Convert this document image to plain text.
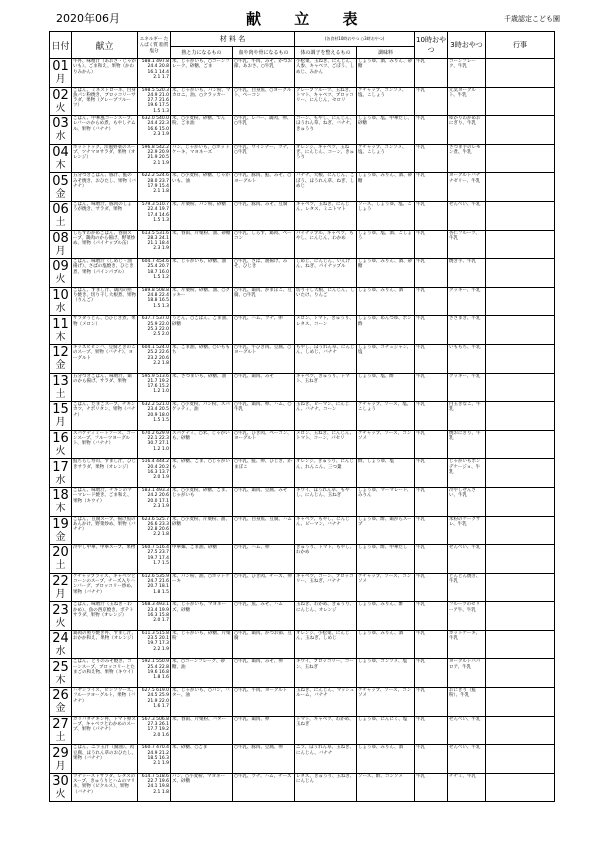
2020年06月	献 立 表	千歳認定こども園
日付	献立	エネルギー たんぱく質 脂質 塩分	材 料 名		(各食材10時おやつ ○3時おやつ)		10時おやつ	3時おやつ	行事
			熱と力になるもの	血や肉や骨になるもの	体の調子を整えるもの	調味料			

01
月	牛丼、味噌汁（あおさ・じゃがいも）、ごま和え、果物（かわりみかん）	588.1 497.8 24.4 20.8 16.1 14.4 2.1 1.7	米、じゃがいも、○コーンフレーク、砂糖、ごま	○牛乳、牛肉、みそ、かつお節、あおさ、○牛乳	小松菜、玉ねぎ、にんじん、人参、キャベツ、ごぼう、しめじ、みかん	しょうゆ、酒、みりん、砂糖	牛乳	コーンフレーク、牛乳	

02
火	ごはん、ミネストローネ、白身魚パン粉焼き、ブロッコリーサラダ、果物（グレープフルーツ）	598.5 520.3 24.9 21.0 27.7 21.6 19.6 17.5 1.5 1.3	米、じゃがいも、パン粉、マカロニ、油、○クラッカー	○牛乳、白身魚、○ヨーグルト、ベーコン	グレープフルーツ、玉ねぎ、トマト、キャベツ、ブロッコリー、にんじん、セロリ	ケチャップ、コンソメ、塩、こしょう	牛乳	元気ヨーグルト、牛乳	

03
水	ごはん、中華風コーンスープ、レバーのからめ煮、もやしナムル、果物（バナナ）	632.0 540.0 24.4 22.3 16.6 15.0 2.3 1.9	米、○小麦粉、砂糖、でん粉、ごま油	○牛乳、レバー、鶏肉、卵、○牛乳	コーン、もやし、にんじん、ほうれん草、ねぎ、バナナ、きゅうり	しょうゆ、塩、中華だし、砂糖	牛乳	ゆかりわかめおにぎり、牛乳	

04
木	ホットドッグ、洋風野菜のスープ、ツナマヨサラダ、果物（オレンジ）	596.8 542.2 22.9 20.9 21.9 20.5 2.1 1.9	パン、じゃがいも、○ホットケーキ、マヨネーズ	○牛乳、ウインナー、ツナ、○牛乳	オレンジ、キャベツ、玉ねぎ、にんじん、コーン、きゅうり	ケチャップ、コンソメ、塩、こしょう	牛乳	さつま芋のレモン煮、牛乳	

05
金	五分つきごはん、豚汁、鮭のみそ焼き、おひたし、果物（バナナ）	622.2 524.6 28.0 23.7 17.9 15.4 2.1 1.8	米、○小麦粉、砂糖、じゃがいも、油	○牛乳、豚肉、鮭、みそ、○ヨーグルト	バナナ、大根、にんじん、ごぼう、ほうれん草、ねぎ、しめじ	しょうゆ、みりん、酒、砂糖	牛乳	ヨーグルトバナナゼリー、牛乳	

06
土	ごはん、味噌汁、豚肉のしょうが焼き、サラダ、果物	579.3 510.7 22.4 19.7 17.4 14.6 1.5 1.3	米、片栗粉、パン粉、砂糖	○牛乳、豚肉、みそ、豆腐	キャベツ、玉ねぎ、にんじん、レタス、ミニトマト	ソース、しょうゆ、塩、こしょう	牛乳	せんべい、牛乳	

08
月	しらすわかめごはん、春雨スープ、鶏肉のから揚げ、野菜炒め、果物（パイナップル缶）	613.5 531.6 28.3 24.1 21.1 18.4 2.3 1.9	米、春雨、片栗粉、油、砂糖	○牛乳、しらす、鶏肉、ベーコン	パイナップル、キャベツ、もやし、にんじん、わかめ	しょうゆ、塩、酒、こしょう	牛乳	杏仁フルーツ、牛乳	

09
火	ごはん、味噌汁（しめじ・油揚げ）、さばの塩焼き、ひじき煮、果物（パインパブル）	604.7 454.6 25.4 20.7 18.7 16.0 1.5 1.2	米、じゃがいも、砂糖、油	○牛乳、さば、油揚げ、みそ、ひじき	しめじ、にんじん、いんげん、ねぎ、パイナップル	しょうゆ、みりん、酒、砂糖	牛乳	焼き芋、牛乳	

10
水	ごはん、すまし汁、鶏肉の照り焼き、切り干し大根煮、果物（りんご）	589.8 508.8 24.8 22.4 18.8 16.5 1.5 1.3	米、片栗粉、砂糖、油、○クッキー	○牛乳、鶏肉、かまぼこ、豆腐、○牛乳	切り干し大根、にんじん、しいたけ、りんご	しょうゆ、みりん、酒	牛乳	クッキー、牛乳	

11
木	サラダうどん、○ひじき煮、果物（メロン）	637.7 537.0 25.9 22.0 25.3 22.0 2.5 2.0	うどん、○ごはん、ごま油、砂糖	○牛乳、ハム、ツナ、卵	メロン、トマト、きゅうり、レタス、コーン	しょうゆ、めんつゆ、ポン酢	牛乳	ささまき、牛乳	

12
金	キッズビビンバ、豆腐ときのこのスープ、果物（バナナ）、ヨーグルト	604.1 524.0 25.2 22.6 23.2 20.6 2.2 1.8	米、ごま油、砂糖、○いももち	○牛乳、牛ひき肉、豆腐、○ヨーグルト	もやし、ほうれん草、にんじん、しめじ、バナナ	しょうゆ、コチュジャン、塩	牛乳	いももち、牛乳	

13
土	五分つきごはん、味噌汁、鶏のから揚げ、サラダ、果物	595.9 513.6 21.7 19.2 17.6 15.2 1.2 1.0	米、さつまいも、砂糖、油	○牛乳、鶏肉、みそ	キャベツ、きゅうり、トマト、玉ねぎ	しょうゆ、塩、酢	牛乳	クッキー、牛乳	

15
月	ごはん、たまごスープ、チキンカツ、ナポリタン、果物（バナナ）	632.2 521.0 23.4 20.5 20.9 18.0 1.5 1.5	米、○小麦粉、パン粉、スパゲッティ、油	○牛乳、鶏肉、卵、ハム、○牛乳	玉ねぎ、ピーマン、にんじん、バナナ、コーン	ケチャップ、ソース、塩、こしょう	牛乳	白玉きなこ、牛乳	

16
火	スパゲティミートソース、コーンスープ、フルーツヨーグルト、果物（バナナ）	670.2 629.9 22.1 22.3 30.7 27.1 1.2 1.0	スパゲティ、○米、じゃがいも、砂糖	○牛乳、ひき肉、ベーコン、ヨーグルト	メロン、玉ねぎ、にんじん、トマト、コーン、パセリ	ケチャップ、ソース、コンソメ	牛乳	焼おにぎり、牛乳	

17
水	鮭ちらし寿司、すまし汁、ひじきサラダ、果物（オレンジ）	516.4 444.2 20.4 20.2 16.3 13.7 2.0 1.9	米、砂糖、ごま、○じゃがいも	○牛乳、鮭、卵、ひじき、かまぼこ	オレンジ、きゅうり、にんじん、れんこん、三つ葉	酢、しょうゆ、塩	牛乳	じゃがいもポンデケージョ、牛乳	

18
木	ごはん、味噌汁、チキンのマーマレード焼き、ごま和え、果物（キウイ）	583.1 493.3 24.2 20.6 20.0 17.1 2.3 1.9	米、○小麦粉、砂糖、ごま、じゃがいも	○牛乳、鶏肉、豆腐、みそ	キウイ、ほうれん草、もやし、にんじん、玉ねぎ	しょうゆ、マーマレード、みりん	牛乳	冷やしぜんざい、牛乳	

19
金	ごはん、豆腐スープ、揚げ魚のあんかけ、野菜炒め、果物（バナナ）	623.6 525.7 26.6 23.3 22.8 20.6 2.2 1.8	米、○小麦粉、片栗粉、油、砂糖	○牛乳、白身魚、豆腐、ハム	キャベツ、もやし、にんじん、ピーマン、バナナ	しょうゆ、酢、鶏がらスープ	牛乳	米粉のケークサレ、牛乳	

20
土	冷やし中華、中華スープ、果物	560.7 516.4 27.5 23.7 19.7 17.4 1.7 1.5	中華麺、ごま油、砂糖	○牛乳、ハム、卵	きゅうり、トマト、もやし、わかめ	しょうゆ、酢、中華だし	牛乳	せんべい、牛乳	

22
月	ケチャップライス、キャベツとコーンのスープ、チーズ入りハンバーグ、ブロッコリー炒め、果物（バナナ）	612.6 535.9 24.7 21.6 20.7 18.1 1.8 1.5	米、パン粉、油、○ホットケーキ	○牛乳、ひき肉、チーズ、卵	キャベツ、コーン、ブロッコリー、玉ねぎ、バナナ	ケチャップ、ソース、コンソメ	牛乳	どんどん焼き、牛乳	

23
火	ごはん、味噌汁（玉ねぎ・わかめ）、魚の西京焼き、ポテトサラダ、果物（オレンジ）	568.3 493.1 23.4 19.9 16.3 15.8 2.0 1.7	米、じゃがいも、マヨネーズ、砂糖	○牛乳、魚、みそ、ハム	玉ねぎ、わかめ、きゅうり、にんじん、オレンジ	しょうゆ、みりん、酢	牛乳	フルーツのゼリーア牛、牛乳	

24
水	鶏肉の照り焼き丼、すまし汁、おかか和え、果物（オレンジ）	611.3 515.8 23.5 20.1 19.7 17.3 2.2 1.9	米、じゃがいも、砂糖、片栗粉	○牛乳、鶏肉、かつお節、豆腐	オレンジ、小松菜、にんじん、玉ねぎ、しめじ	しょうゆ、みりん、酒	牛乳	ホットケーキ、牛乳	

25
木	ごはん、とりのみそ焼き、コーンスープ、ブロッコリーとたまごの和え物、果物（キウイ）	592.1 550.9 25.4 22.8 19.6 16.8 1.8 1.6	米、○コーンフレーク、砂糖、油	○牛乳、鶏肉、みそ、卵	キウイ、ブロッコリー、コーン、玉ねぎ	しょうゆ、コンソメ、塩	牛乳	ヨーグルトパパロア、牛乳	

26
金	ハヤシライス、ビシソワーズ、フルーツヨーグルト、果物（バナナ）	627.5 619.0 24.5 25.9 21.9 22.0 1.6 1.7	米、じゃがいも、○パン、バター、油	○牛乳、牛肉、ヨーグルト	玉ねぎ、にんじん、マッシュルーム、バナナ	ケチャップ、ソース、コンソメ	牛乳	おにぎり（鮭粉）、牛乳	

27
土	ガリバタチキン丼、トマト卵スープ、キャベツとわかめのスープ、果物（パナナ）	567.3 506.8 27.3 26.1 17.7 19.2 2.0 1.6	米、春雨、片栗粉、バター	○牛乳、鶏肉、卵	トマト、キャベツ、わかめ、玉ねぎ	しょうゆ、にんにく、塩	牛乳	せんべい、牛乳	

29
月	ごはん、ニラ玉汁（醤油）、肉豆腐、ほうれん草のおひたし、果物（バナナ）	560.7 470.4 24.9 21.2 18.5 16.3 2.1 1.9	米、砂糖、○ごま	○牛乳、豚肉、豆腐、卵	ニラ、ほうれん草、玉ねぎ、にんじん、バナナ	しょうゆ、みりん、酒	牛乳	せんべい、牛乳	

30
火	ツナトーストサラダ、レタスのスープ、きゅうりとハムのマリネ、果物（ピクルス）、果物（バナナ）	614.7 518.6 22.7 19.6 24.1 19.8 2.1 1.8	パン、○小麦粉、マヨネーズ、砂糖	○牛乳、ツナ、ハム、チーズ	レタス、きゅうり、玉ねぎ、にんじん	ソース、酢、コンソメ	牛乳	チヂミ、牛乳	
